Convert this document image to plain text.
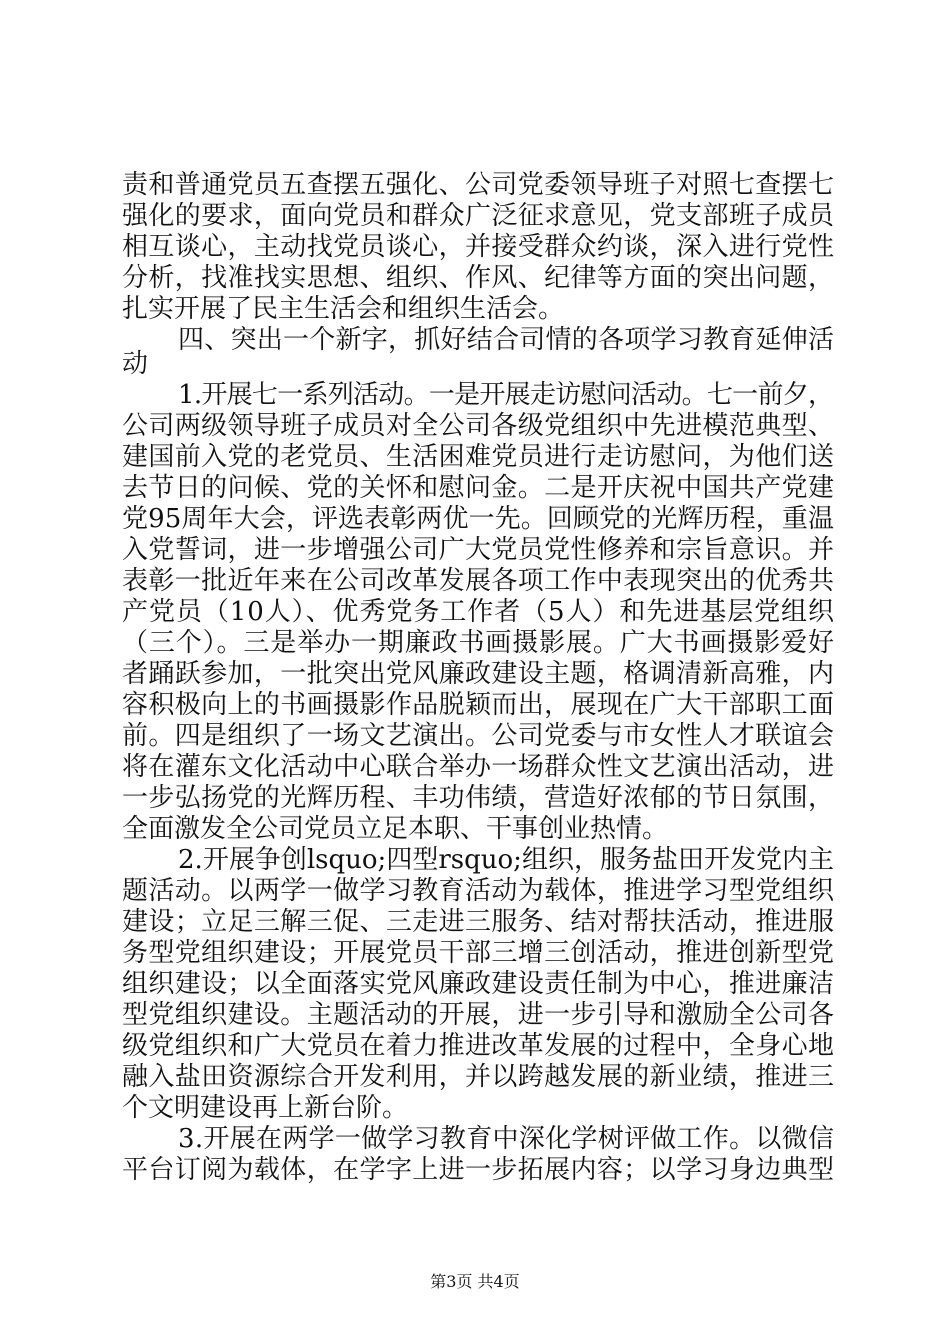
责和普通党员五查摆五强化、公司党委领导班子对照七查摆七
强化的要求，面向党员和群众广泛征求意见，党支部班子成员
相互谈心，主动找党员谈心，并接受群众约谈，深入进行党性
分析，找准找实思想、组织、作风、纪律等方面的突出问题，
扎实开展了民主生活会和组织生活会。
四、突出一个新字，抓好结合司情的各项学习教育延伸活
动
1.开展七一系列活动。一是开展走访慰问活动。七一前夕，
公司两级领导班子成员对全公司各级党组织中先进模范典型、
建国前入党的老党员、生活困难党员进行走访慰问，为他们送
去节日的问候、党的关怀和慰问金。二是开庆祝中国共产党建
党95周年大会，评选表彰两优一先。回顾党的光辉历程，重温
入党誓词，进一步增强公司广大党员党性修养和宗旨意识。并
表彰一批近年来在公司改革发展各项工作中表现突出的优秀共
产党员（10人）、优秀党务工作者（5人）和先进基层党组织
（三个）。三是举办一期廉政书画摄影展。广大书画摄影爱好
者踊跃参加，一批突出党风廉政建设主题，格调清新高雅，内
容积极向上的书画摄影作品脱颖而出，展现在广大干部职工面
前。四是组织了一场文艺演出。公司党委与市女性人才联谊会
将在灌东文化活动中心联合举办一场群众性文艺演出活动，进
一步弘扬党的光辉历程、丰功伟绩，营造好浓郁的节日氛围，
全面激发全公司党员立足本职、干事创业热情。
2.开展争创lsquo;四型rsquo;组织，服务盐田开发党内主
题活动。以两学一做学习教育活动为载体，推进学习型党组织
建设；立足三解三促、三走进三服务、结对帮扶活动，推进服
务型党组织建设；开展党员干部三增三创活动，推进创新型党
组织建设；以全面落实党风廉政建设责任制为中心，推进廉洁
型党组织建设。主题活动的开展，进一步引导和激励全公司各
级党组织和广大党员在着力推进改革发展的过程中，全身心地
融入盐田资源综合开发利用，并以跨越发展的新业绩，推进三
个文明建设再上新台阶。
3.开展在两学一做学习教育中深化学树评做工作。以微信
平台订阅为载体，在学字上进一步拓展内容；以学习身边典型
第3页 共4页
